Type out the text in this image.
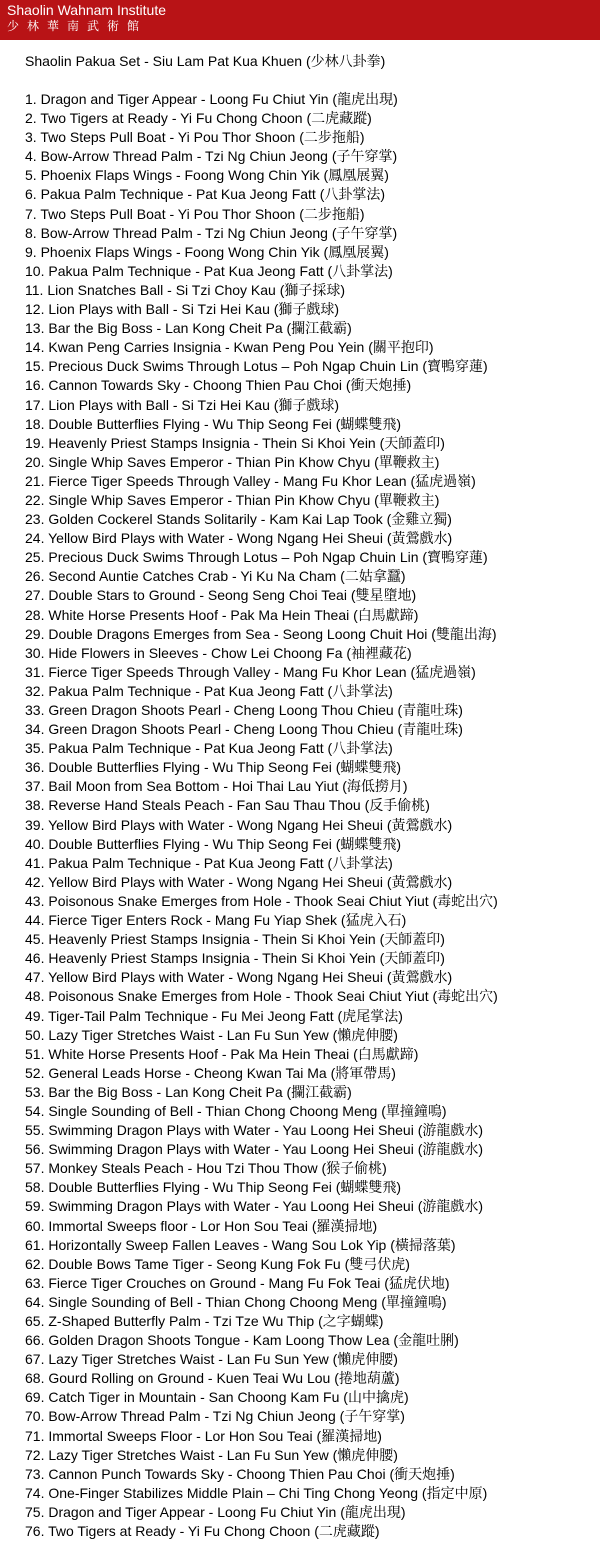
Shaolin Wahnam Institute
少林華南武術館
Shaolin Pakua Set - Siu Lam Pat Kua Khuen (少林八卦拳)
1. Dragon and Tiger Appear - Loong Fu Chiut Yin (龍虎出現)
2. Two Tigers at Ready - Yi Fu Chong Choon (二虎藏蹤)
3. Two Steps Pull Boat - Yi Pou Thor Shoon (二步拖船)
4. Bow-Arrow Thread Palm - Tzi Ng Chiun Jeong (子午穿掌)
5. Phoenix Flaps Wings - Foong Wong Chin Yik (鳳凰展翼)
6. Pakua Palm Technique - Pat Kua Jeong Fatt (八卦掌法)
7. Two Steps Pull Boat - Yi Pou Thor Shoon (二步拖船)
8. Bow-Arrow Thread Palm - Tzi Ng Chiun Jeong (子午穿掌)
9. Phoenix Flaps Wings - Foong Wong Chin Yik (鳳凰展翼)
10. Pakua Palm Technique - Pat Kua Jeong Fatt (八卦掌法)
11. Lion Snatches Ball - Si Tzi Choy Kau (獅子採球)
12. Lion Plays with Ball - Si Tzi Hei Kau (獅子戲球)
13. Bar the Big Boss - Lan Kong Cheit Pa (攔江截霸)
14. Kwan Peng Carries Insignia - Kwan Peng Pou Yein (關平抱印)
15. Precious Duck Swims Through Lotus – Poh Ngap Chuin Lin (寶鴨穿蓮)
16. Cannon Towards Sky - Choong Thien Pau Choi (衝天炮捶)
17. Lion Plays with Ball - Si Tzi Hei Kau (獅子戲球)
18. Double Butterflies Flying - Wu Thip Seong Fei (蝴蝶雙飛)
19. Heavenly Priest Stamps Insignia - Thein Si Khoi Yein (天師蓋印)
20. Single Whip Saves Emperor - Thian Pin Khow Chyu (單鞭救主)
21. Fierce Tiger Speeds Through Valley - Mang Fu Khor Lean (猛虎過嶺)
22. Single Whip Saves Emperor - Thian Pin Khow Chyu (單鞭救主)
23. Golden Cockerel Stands Solitarily - Kam Kai Lap Took (金雞立獨)
24. Yellow Bird Plays with Water - Wong Ngang Hei Sheui (黃鶯戲水)
25. Precious Duck Swims Through Lotus – Poh Ngap Chuin Lin (寶鴨穿蓮)
26. Second Auntie Catches Crab - Yi Ku Na Cham (二姑拿蠶)
27. Double Stars to Ground - Seong Seng Choi Teai (雙星墮地)
28. White Horse Presents Hoof - Pak Ma Hein Theai (白馬獻蹄)
29. Double Dragons Emerges from Sea - Seong Loong Chuit Hoi (雙龍出海)
30. Hide Flowers in Sleeves - Chow Lei Choong Fa (袖裡藏花)
31. Fierce Tiger Speeds Through Valley - Mang Fu Khor Lean (猛虎過嶺)
32. Pakua Palm Technique - Pat Kua Jeong Fatt (八卦掌法)
33. Green Dragon Shoots Pearl - Cheng Loong Thou Chieu (青龍吐珠)
34. Green Dragon Shoots Pearl - Cheng Loong Thou Chieu (青龍吐珠)
35. Pakua Palm Technique - Pat Kua Jeong Fatt (八卦掌法)
36. Double Butterflies Flying - Wu Thip Seong Fei (蝴蝶雙飛)
37. Bail Moon from Sea Bottom - Hoi Thai Lau Yiut (海低撈月)
38. Reverse Hand Steals Peach - Fan Sau Thau Thou (反手偷桃)
39. Yellow Bird Plays with Water - Wong Ngang Hei Sheui (黃鶯戲水)
40. Double Butterflies Flying - Wu Thip Seong Fei (蝴蝶雙飛)
41. Pakua Palm Technique - Pat Kua Jeong Fatt (八卦掌法)
42. Yellow Bird Plays with Water - Wong Ngang Hei Sheui (黃鶯戲水)
43. Poisonous Snake Emerges from Hole - Thook Seai Chiut Yiut (毒蛇出穴)
44. Fierce Tiger Enters Rock - Mang Fu Yiap Shek (猛虎入石)
45. Heavenly Priest Stamps Insignia - Thein Si Khoi Yein (天師蓋印)
46. Heavenly Priest Stamps Insignia - Thein Si Khoi Yein (天師蓋印)
47. Yellow Bird Plays with Water - Wong Ngang Hei Sheui (黃鶯戲水)
48. Poisonous Snake Emerges from Hole - Thook Seai Chiut Yiut (毒蛇出穴)
49. Tiger-Tail Palm Technique - Fu Mei Jeong Fatt (虎尾掌法)
50. Lazy Tiger Stretches Waist - Lan Fu Sun Yew (懶虎伸腰)
51. White Horse Presents Hoof - Pak Ma Hein Theai (白馬獻蹄)
52. General Leads Horse - Cheong Kwan Tai Ma (將軍帶馬)
53. Bar the Big Boss - Lan Kong Cheit Pa (攔江截霸)
54. Single Sounding of Bell - Thian Chong Choong Meng (單撞鐘鳴)
55. Swimming Dragon Plays with Water - Yau Loong Hei Sheui (游龍戲水)
56. Swimming Dragon Plays with Water - Yau Loong Hei Sheui (游龍戲水)
57. Monkey Steals Peach - Hou Tzi Thou Thow (猴子偷桃)
58. Double Butterflies Flying - Wu Thip Seong Fei (蝴蝶雙飛)
59. Swimming Dragon Plays with Water - Yau Loong Hei Sheui (游龍戲水)
60. Immortal Sweeps floor - Lor Hon Sou Teai (羅漢掃地)
61. Horizontally Sweep Fallen Leaves - Wang Sou Lok Yip (橫掃落葉)
62. Double Bows Tame Tiger - Seong Kung Fok Fu (雙弓伏虎)
63. Fierce Tiger Crouches on Ground - Mang Fu Fok Teai (猛虎伏地)
64. Single Sounding of Bell - Thian Chong Choong Meng (單撞鐘鳴)
65. Z-Shaped Butterfly Palm - Tzi Tze Wu Thip (之字蝴蝶)
66. Golden Dragon Shoots Tongue - Kam Loong Thow Lea (金龍吐脷)
67. Lazy Tiger Stretches Waist - Lan Fu Sun Yew (懶虎伸腰)
68. Gourd Rolling on Ground - Kuen Teai Wu Lou (捲地葫蘆)
69. Catch Tiger in Mountain - San Choong Kam Fu (山中擒虎)
70. Bow-Arrow Thread Palm - Tzi Ng Chiun Jeong (子午穿掌)
71. Immortal Sweeps Floor - Lor Hon Sou Teai (羅漢掃地)
72. Lazy Tiger Stretches Waist - Lan Fu Sun Yew (懶虎伸腰)
73. Cannon Punch Towards Sky - Choong Thien Pau Choi (衝天炮捶)
74. One-Finger Stabilizes Middle Plain – Chi Ting Chong Yeong (指定中原)
75. Dragon and Tiger Appear - Loong Fu Chiut Yin (龍虎出現)
76. Two Tigers at Ready - Yi Fu Chong Choon (二虎藏蹤)
